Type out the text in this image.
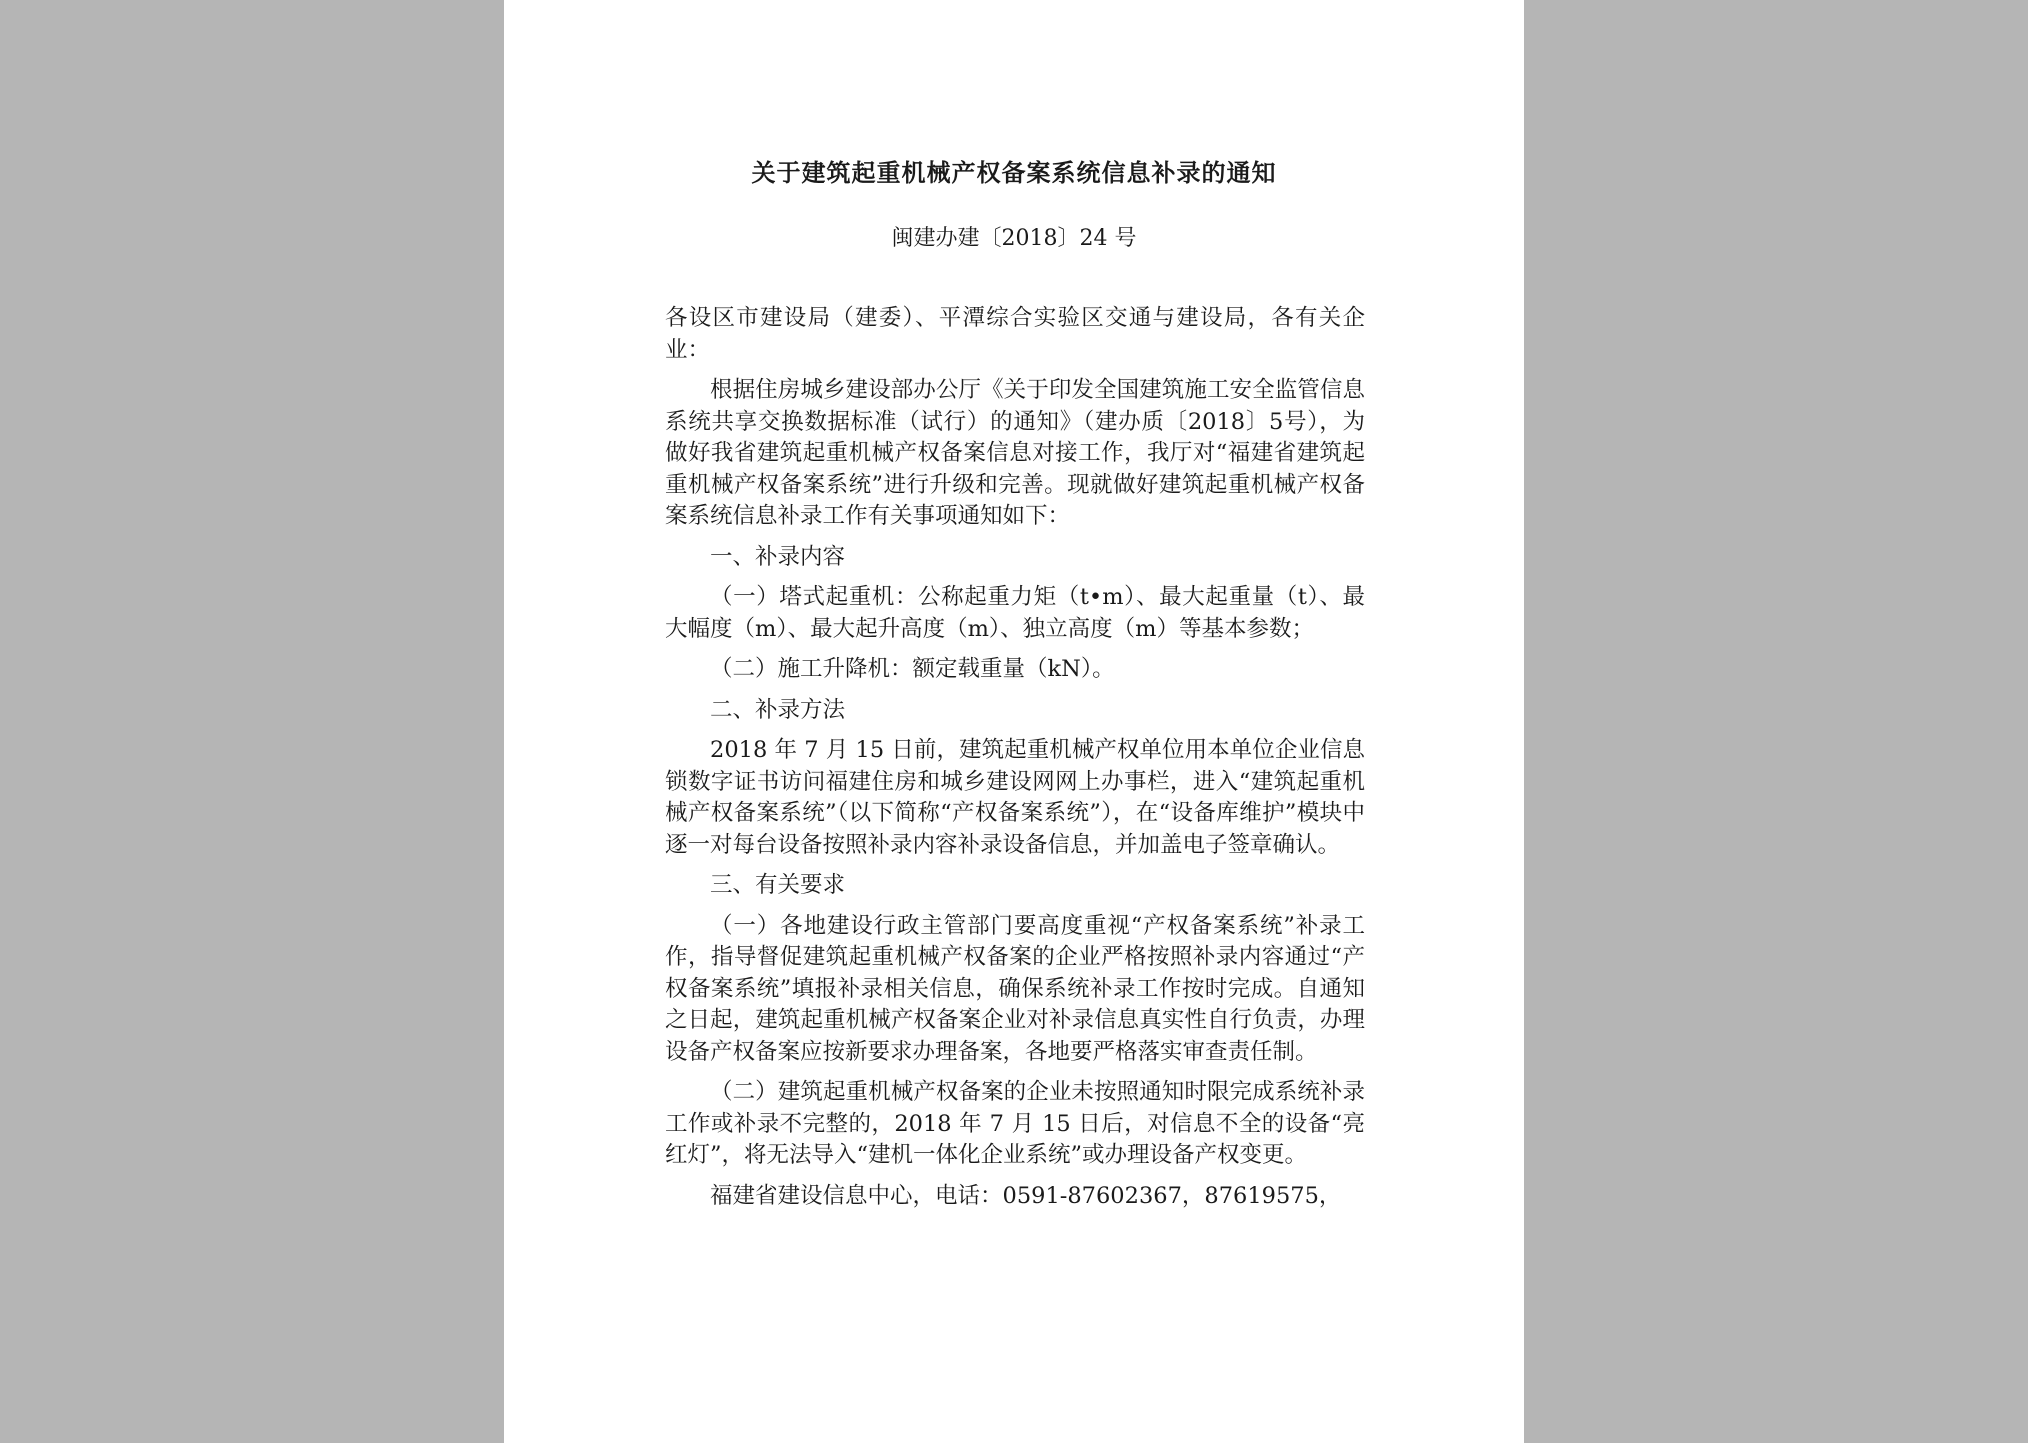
关于建筑起重机械产权备案系统信息补录的通知
闽建办建〔2018〕24 号

各设区市建设局（建委）、平潭综合实验区交通与建设局，各有关企业：

根据住房城乡建设部办公厅《关于印发全国建筑施工安全监管信息系统共享交换数据标准（试行）的通知》（建办质〔2018〕5号），为做好我省建筑起重机械产权备案信息对接工作，我厅对“福建省建筑起重机械产权备案系统”进行升级和完善。现就做好建筑起重机械产权备案系统信息补录工作有关事项通知如下：

一、补录内容

（一）塔式起重机：公称起重力矩（t•m）、最大起重量（t）、最大幅度（m）、最大起升高度（m）、独立高度（m）等基本参数；

（二）施工升降机：额定载重量（kN）。

二、补录方法

2018 年 7 月 15 日前，建筑起重机械产权单位用本单位企业信息锁数字证书访问福建住房和城乡建设网网上办事栏，进入“建筑起重机械产权备案系统”（以下简称“产权备案系统”），在“设备库维护”模块中逐一对每台设备按照补录内容补录设备信息，并加盖电子签章确认。

三、有关要求

（一）各地建设行政主管部门要高度重视“产权备案系统”补录工作，指导督促建筑起重机械产权备案的企业严格按照补录内容通过“产权备案系统”填报补录相关信息，确保系统补录工作按时完成。自通知之日起，建筑起重机械产权备案企业对补录信息真实性自行负责，办理设备产权备案应按新要求办理备案，各地要严格落实审查责任制。

（二）建筑起重机械产权备案的企业未按照通知时限完成系统补录工作或补录不完整的，2018 年 7 月 15 日后，对信息不全的设备“亮红灯”，将无法导入“建机一体化企业系统”或办理设备产权变更。

福建省建设信息中心，电话：0591-87602367，87619575，
